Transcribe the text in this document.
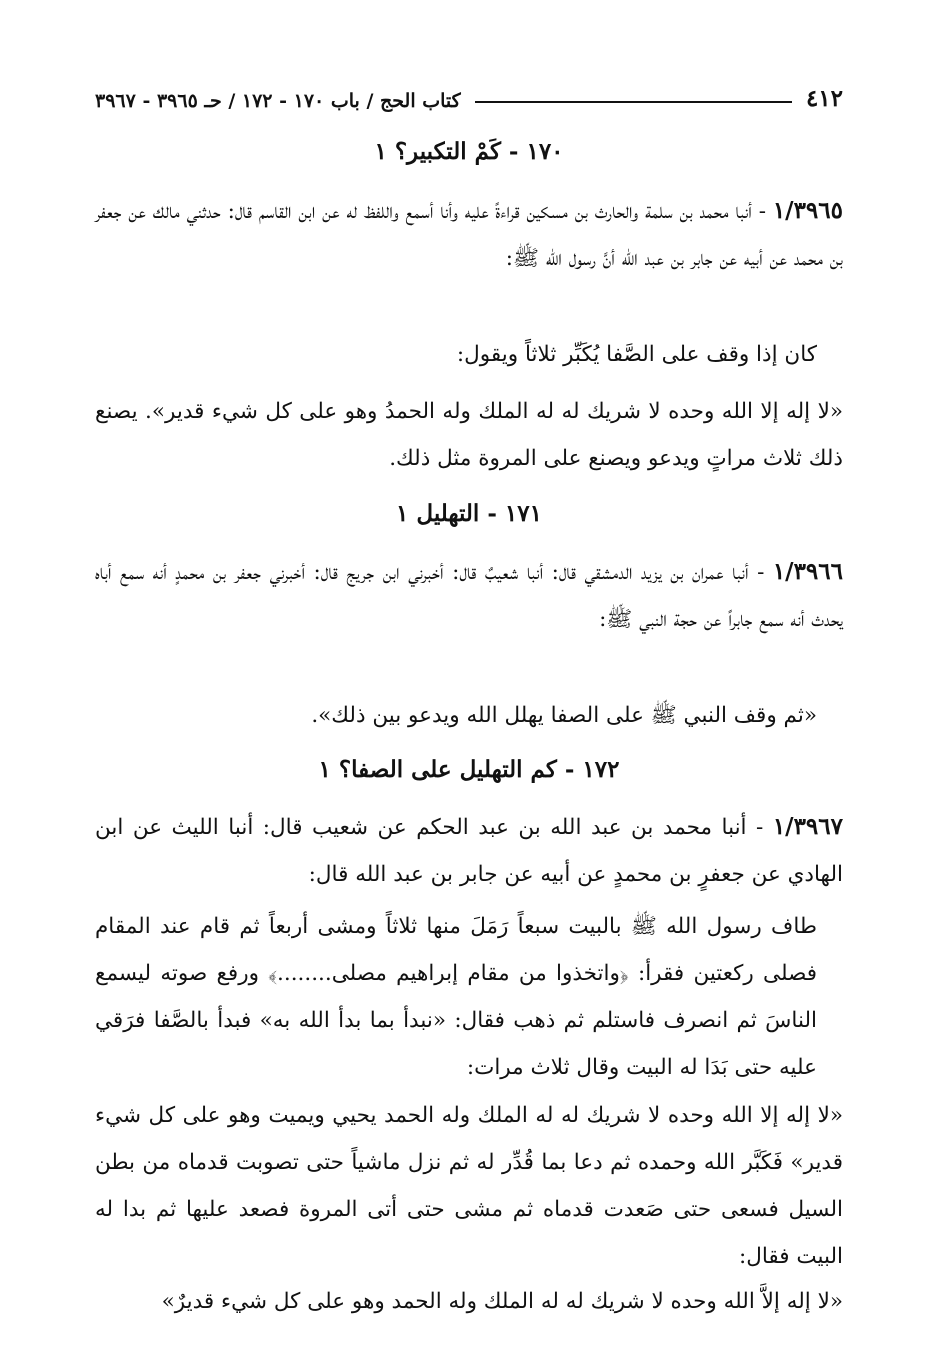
٤١٢
كتاب الحج / باب ١٧٠ - ١٧٢ / حـ ٣٩٦٥ - ٣٩٦٧
١٧٠ - كَمْ التكبير؟ ١
١/٣٩٦٥ - أنبا محمد بن سلمة والحارث بن مسكين قراءةً عليه وأنا أسمع واللفظ له عن ابن القاسم قال: حدثني مالك عن جعفر بن محمد عن أبيه عن جابر بن عبد الله أنَّ رسول الله ﷺ:
كان إذا وقف على الصَّفا يُكَبِّر ثلاثاً ويقول:
«لا إله إلا الله وحده لا شريك له له الملك وله الحمدُ وهو على كل شيء قدير». يصنع ذلك ثلاث مراتٍ ويدعو ويصنع على المروة مثل ذلك.
١٧١ - التهليل ١
١/٣٩٦٦ - أنبا عمران بن يزيد الدمشقي قال: أنبا شعيبٌ قال: أخبرني ابن جريج قال: أخبرني جعفر بن محمدٍ أنه سمع أباه يحدث أنه سمع جابراً عن حجة النبي ﷺ:
«ثم وقف النبي ﷺ على الصفا يهلل الله ويدعو بين ذلك».
١٧٢ - كم التهليل على الصفا؟ ١
١/٣٩٦٧ - أنبا محمد بن عبد الله بن عبد الحكم عن شعيب قال: أنبا الليث عن ابن الهادي عن جعفرٍ بن محمدٍ عن أبيه عن جابر بن عبد الله قال:
طاف رسول الله ﷺ بالبيت سبعاً رَمَلَ منها ثلاثاً ومشى أربعاً ثم قام عند المقام فصلى ركعتين فقرأ: ﴿واتخذوا من مقام إبراهيم مصلى........﴾ ورفع صوته ليسمع الناسَ ثم انصرف فاستلم ثم ذهب فقال: «نبدأ بما بدأ الله به» فبدأ بالصَّفا فرَقي عليه حتى بَدَا له البيت وقال ثلاث مرات:
«لا إله إلا الله وحده لا شريك له له الملك وله الحمد يحيي ويميت وهو على كل شيء قدير» فَكَبَّر الله وحمده ثم دعا بما قُدِّر له ثم نزل ماشياً حتى تصوبت قدماه من بطن السيل فسعى حتى صَعدت قدماه ثم مشى حتى أتى المروة فصعد عليها ثم بدا له البيت فقال:
«لا إله إلاَّ الله وحده لا شريك له له الملك وله الحمد وهو على كل شيء قديرٌ»
